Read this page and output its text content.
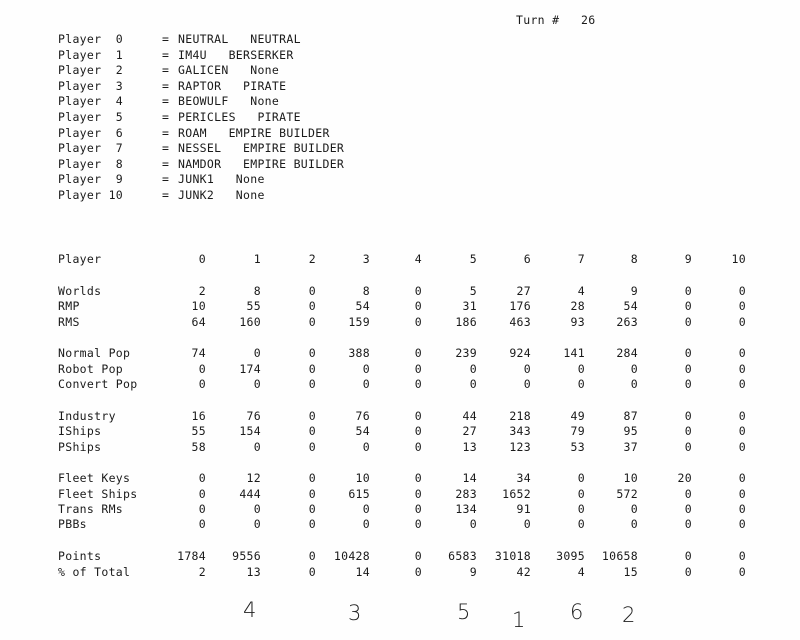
Turn # 26
Player  0	= NEUTRAL   NEUTRAL
Player  1	= IM4U   BERSERKER
Player  2	= GALICEN   None
Player  3	= RAPTOR   PIRATE
Player  4	= BEOWULF   None
Player  5	= PERICLES   PIRATE
Player  6	= ROAM   EMPIRE BUILDER
Player  7	= NESSEL   EMPIRE BUILDER
Player  8	= NAMDOR   EMPIRE BUILDER
Player  9	= JUNK1   None
Player 10	= JUNK2   None
Player	0	1	2	3	4	5	6	7	8	9	10
Worlds	2	8	0	8	0	5	27	4	9	0	0
RMP	10	55	0	54	0	31	176	28	54	0	0
RMS	64	160	0	159	0	186	463	93	263	0	0
Normal Pop	74	0	0	388	0	239	924	141	284	0	0
Robot Pop	0	174	0	0	0	0	0	0	0	0	0
Convert Pop	0	0	0	0	0	0	0	0	0	0	0
Industry	16	76	0	76	0	44	218	49	87	0	0
IShips	55	154	0	54	0	27	343	79	95	0	0
PShips	58	0	0	0	0	13	123	53	37	0	0
Fleet Keys	0	12	0	10	0	14	34	0	10	20	0
Fleet Ships	0	444	0	615	0	283	1652	0	572	0	0
Trans RMs	0	0	0	0	0	134	91	0	0	0	0
PBBs	0	0	0	0	0	0	0	0	0	0	0
Points	1784	9556	0	10428	0	6583	31018	3095	10658	0	0
% of Total	2	13	0	14	0	9	42	4	15	0	0
4	3	5 1 6 2
